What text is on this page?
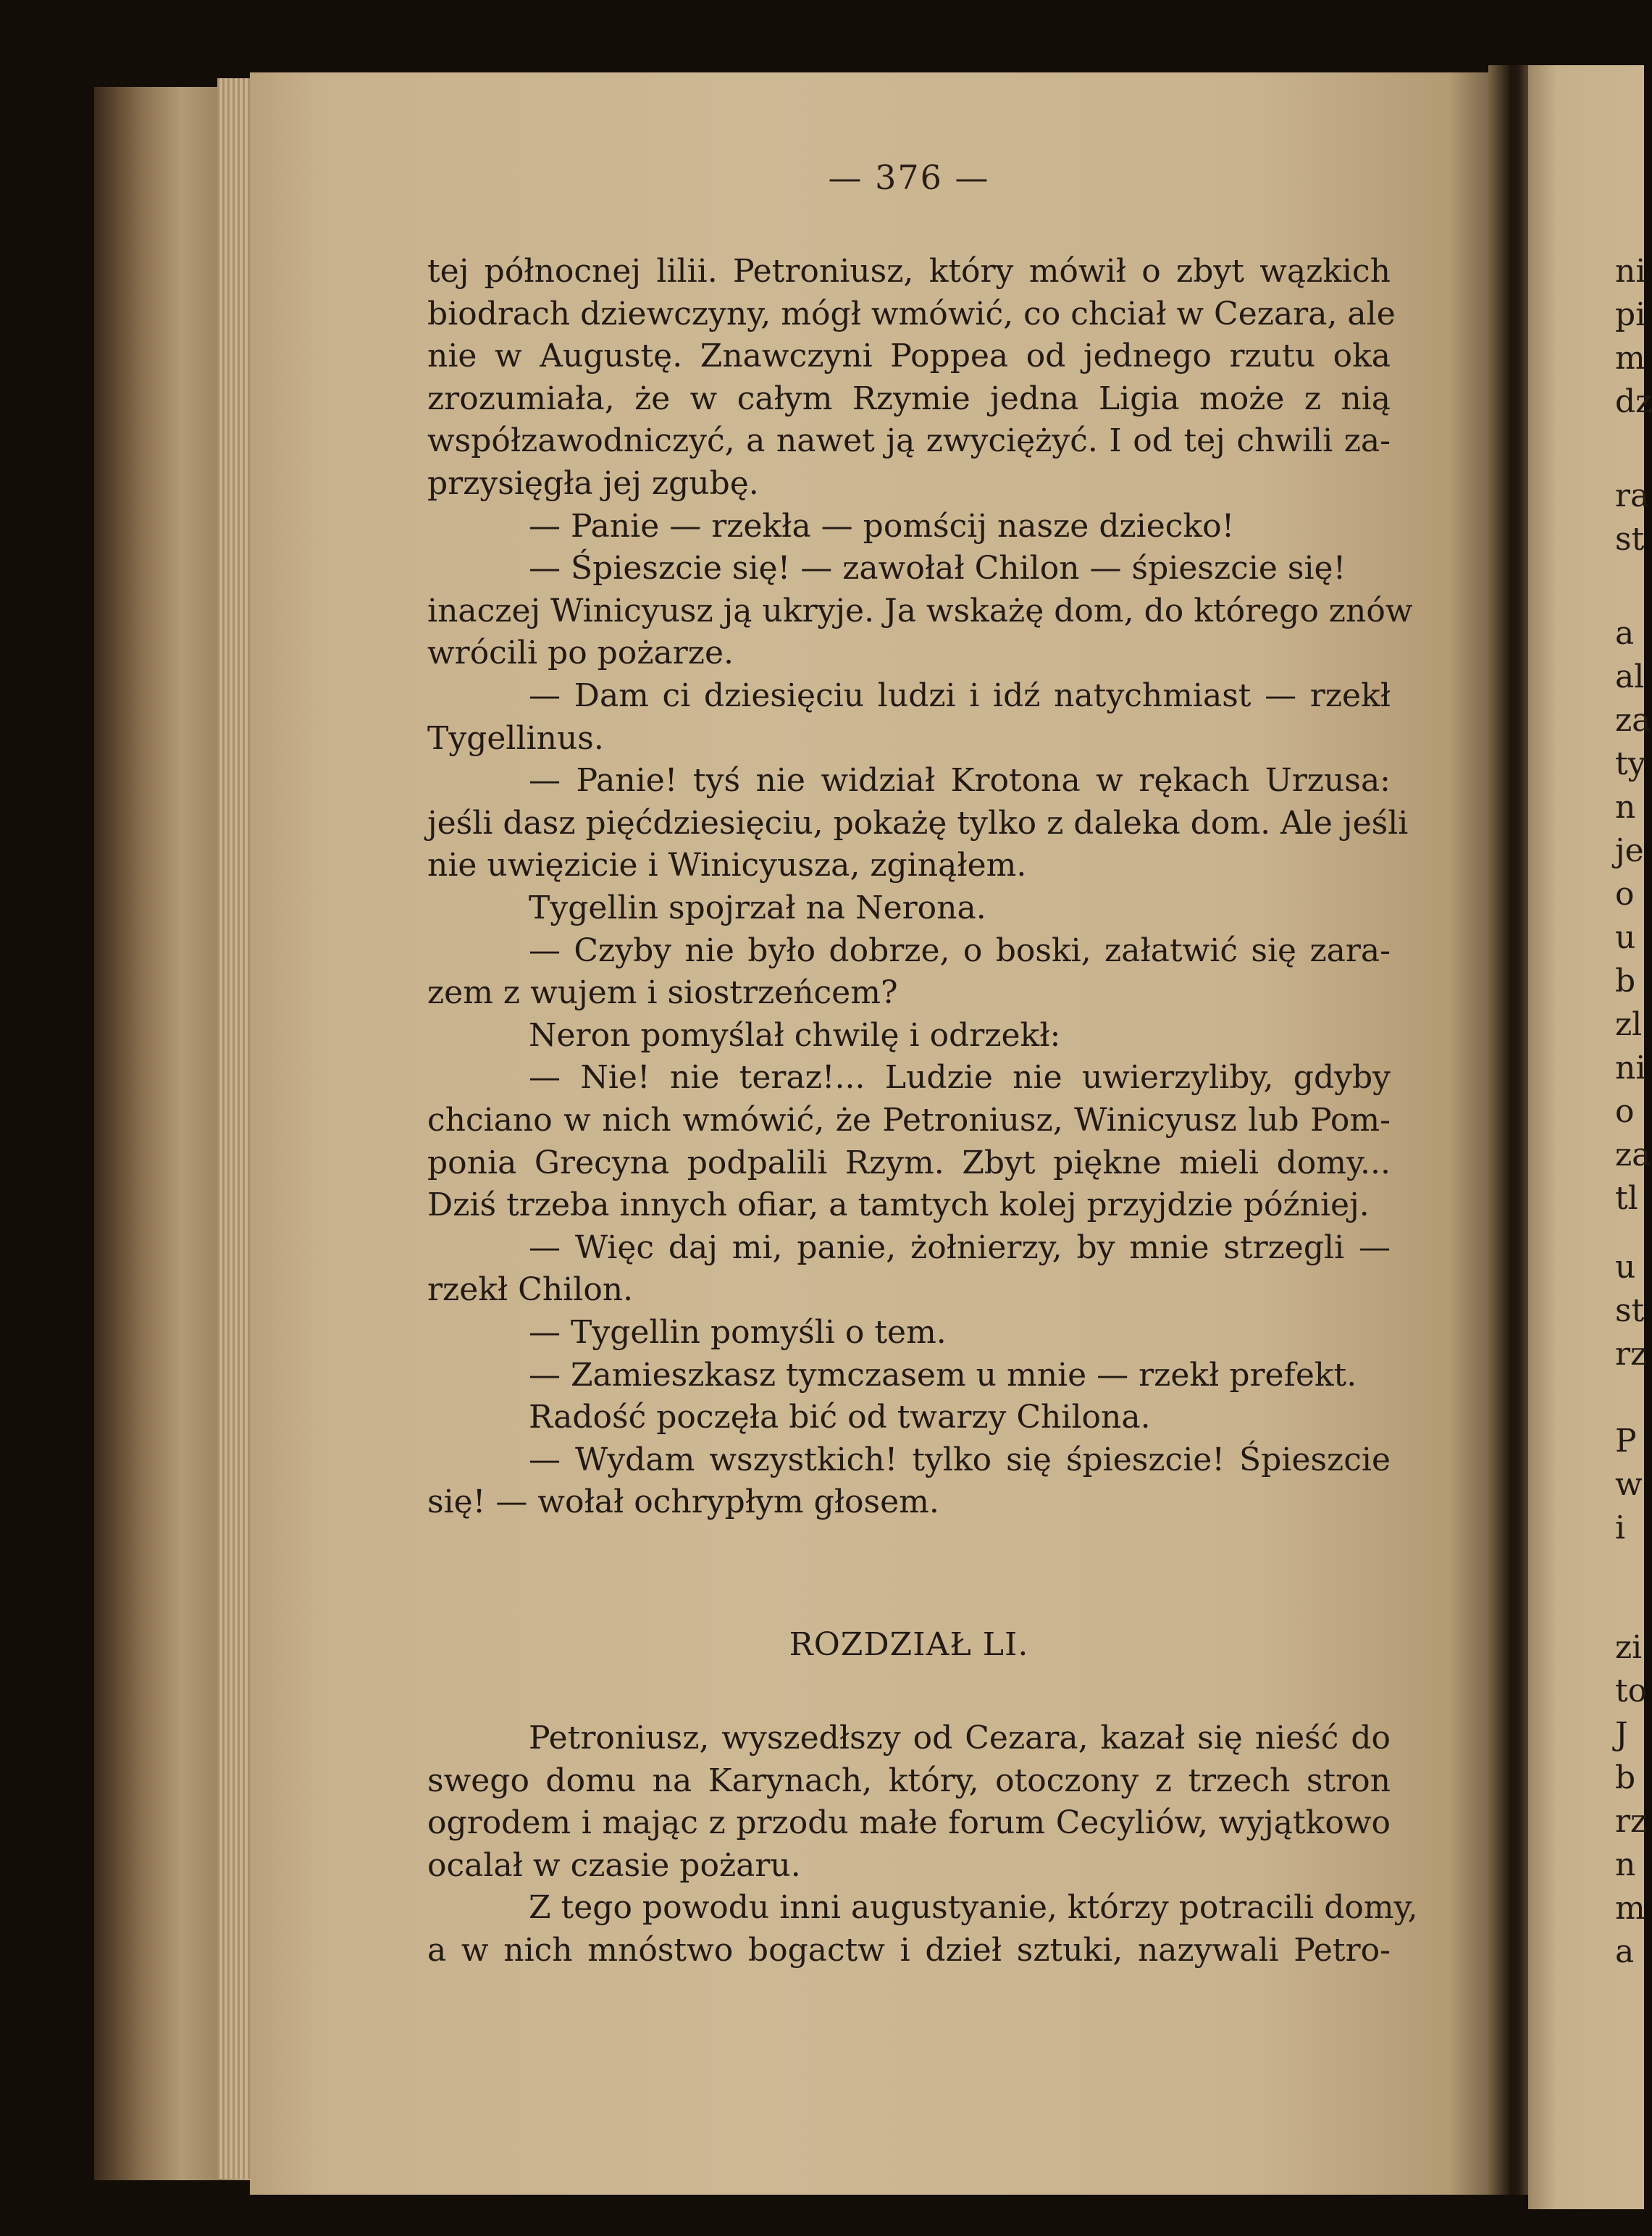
— 376 —
tej północnej lilii. Petroniusz, który mówił o zbyt wązkich
biodrach dziewczyny, mógł wmówić, co chciał w Cezara, ale
nie w Augustę. Znawczyni Poppea od jednego rzutu oka
zrozumiała, że w całym Rzymie jedna Ligia może z nią
współzawodniczyć, a nawet ją zwyciężyć. I od tej chwili za-
przysięgła jej zgubę.
— Panie — rzekła — pomścij nasze dziecko!
— Śpieszcie się! — zawołał Chilon — śpieszcie się!
inaczej Winicyusz ją ukryje. Ja wskażę dom, do którego znów
wrócili po pożarze.
— Dam ci dziesięciu ludzi i idź natychmiast — rzekł
Tygellinus.
— Panie! tyś nie widział Krotona w rękach Urzusa:
jeśli dasz pięćdziesięciu, pokażę tylko z daleka dom. Ale jeśli
nie uwięzicie i Winicyusza, zginąłem.
Tygellin spojrzał na Nerona.
— Czyby nie było dobrze, o boski, załatwić się zara-
zem z wujem i siostrzeńcem?
Neron pomyślał chwilę i odrzekł:
— Nie! nie teraz!... Ludzie nie uwierzyliby, gdyby
chciano w nich wmówić, że Petroniusz, Winicyusz lub Pom-
ponia Grecyna podpalili Rzym. Zbyt piękne mieli domy...
Dziś trzeba innych ofiar, a tamtych kolej przyjdzie później.
— Więc daj mi, panie, żołnierzy, by mnie strzegli —
rzekł Chilon.
— Tygellin pomyśli o tem.
— Zamieszkasz tymczasem u mnie — rzekł prefekt.
Radość poczęła bić od twarzy Chilona.
— Wydam wszystkich! tylko się śpieszcie! Śpieszcie
się! — wołał ochrypłym głosem.
ROZDZIAŁ LI.
Petroniusz, wyszedłszy od Cezara, kazał się nieść do
swego domu na Karynach, który, otoczony z trzech stron
ogrodem i mając z przodu małe forum Cecyliów, wyjątkowo
ocalał w czasie pożaru.
Z tego powodu inni augustyanie, którzy potracili domy,
a w nich mnóstwo bogactw i dzieł sztuki, nazywali Petro-
ni
pi
m
dz
ra
st
a
al
za
ty
n
je
o
u
b
zl
ni
o
za
tl
u
st
rz
P
w
i
zi
to
J
b
rz
n
m
a
